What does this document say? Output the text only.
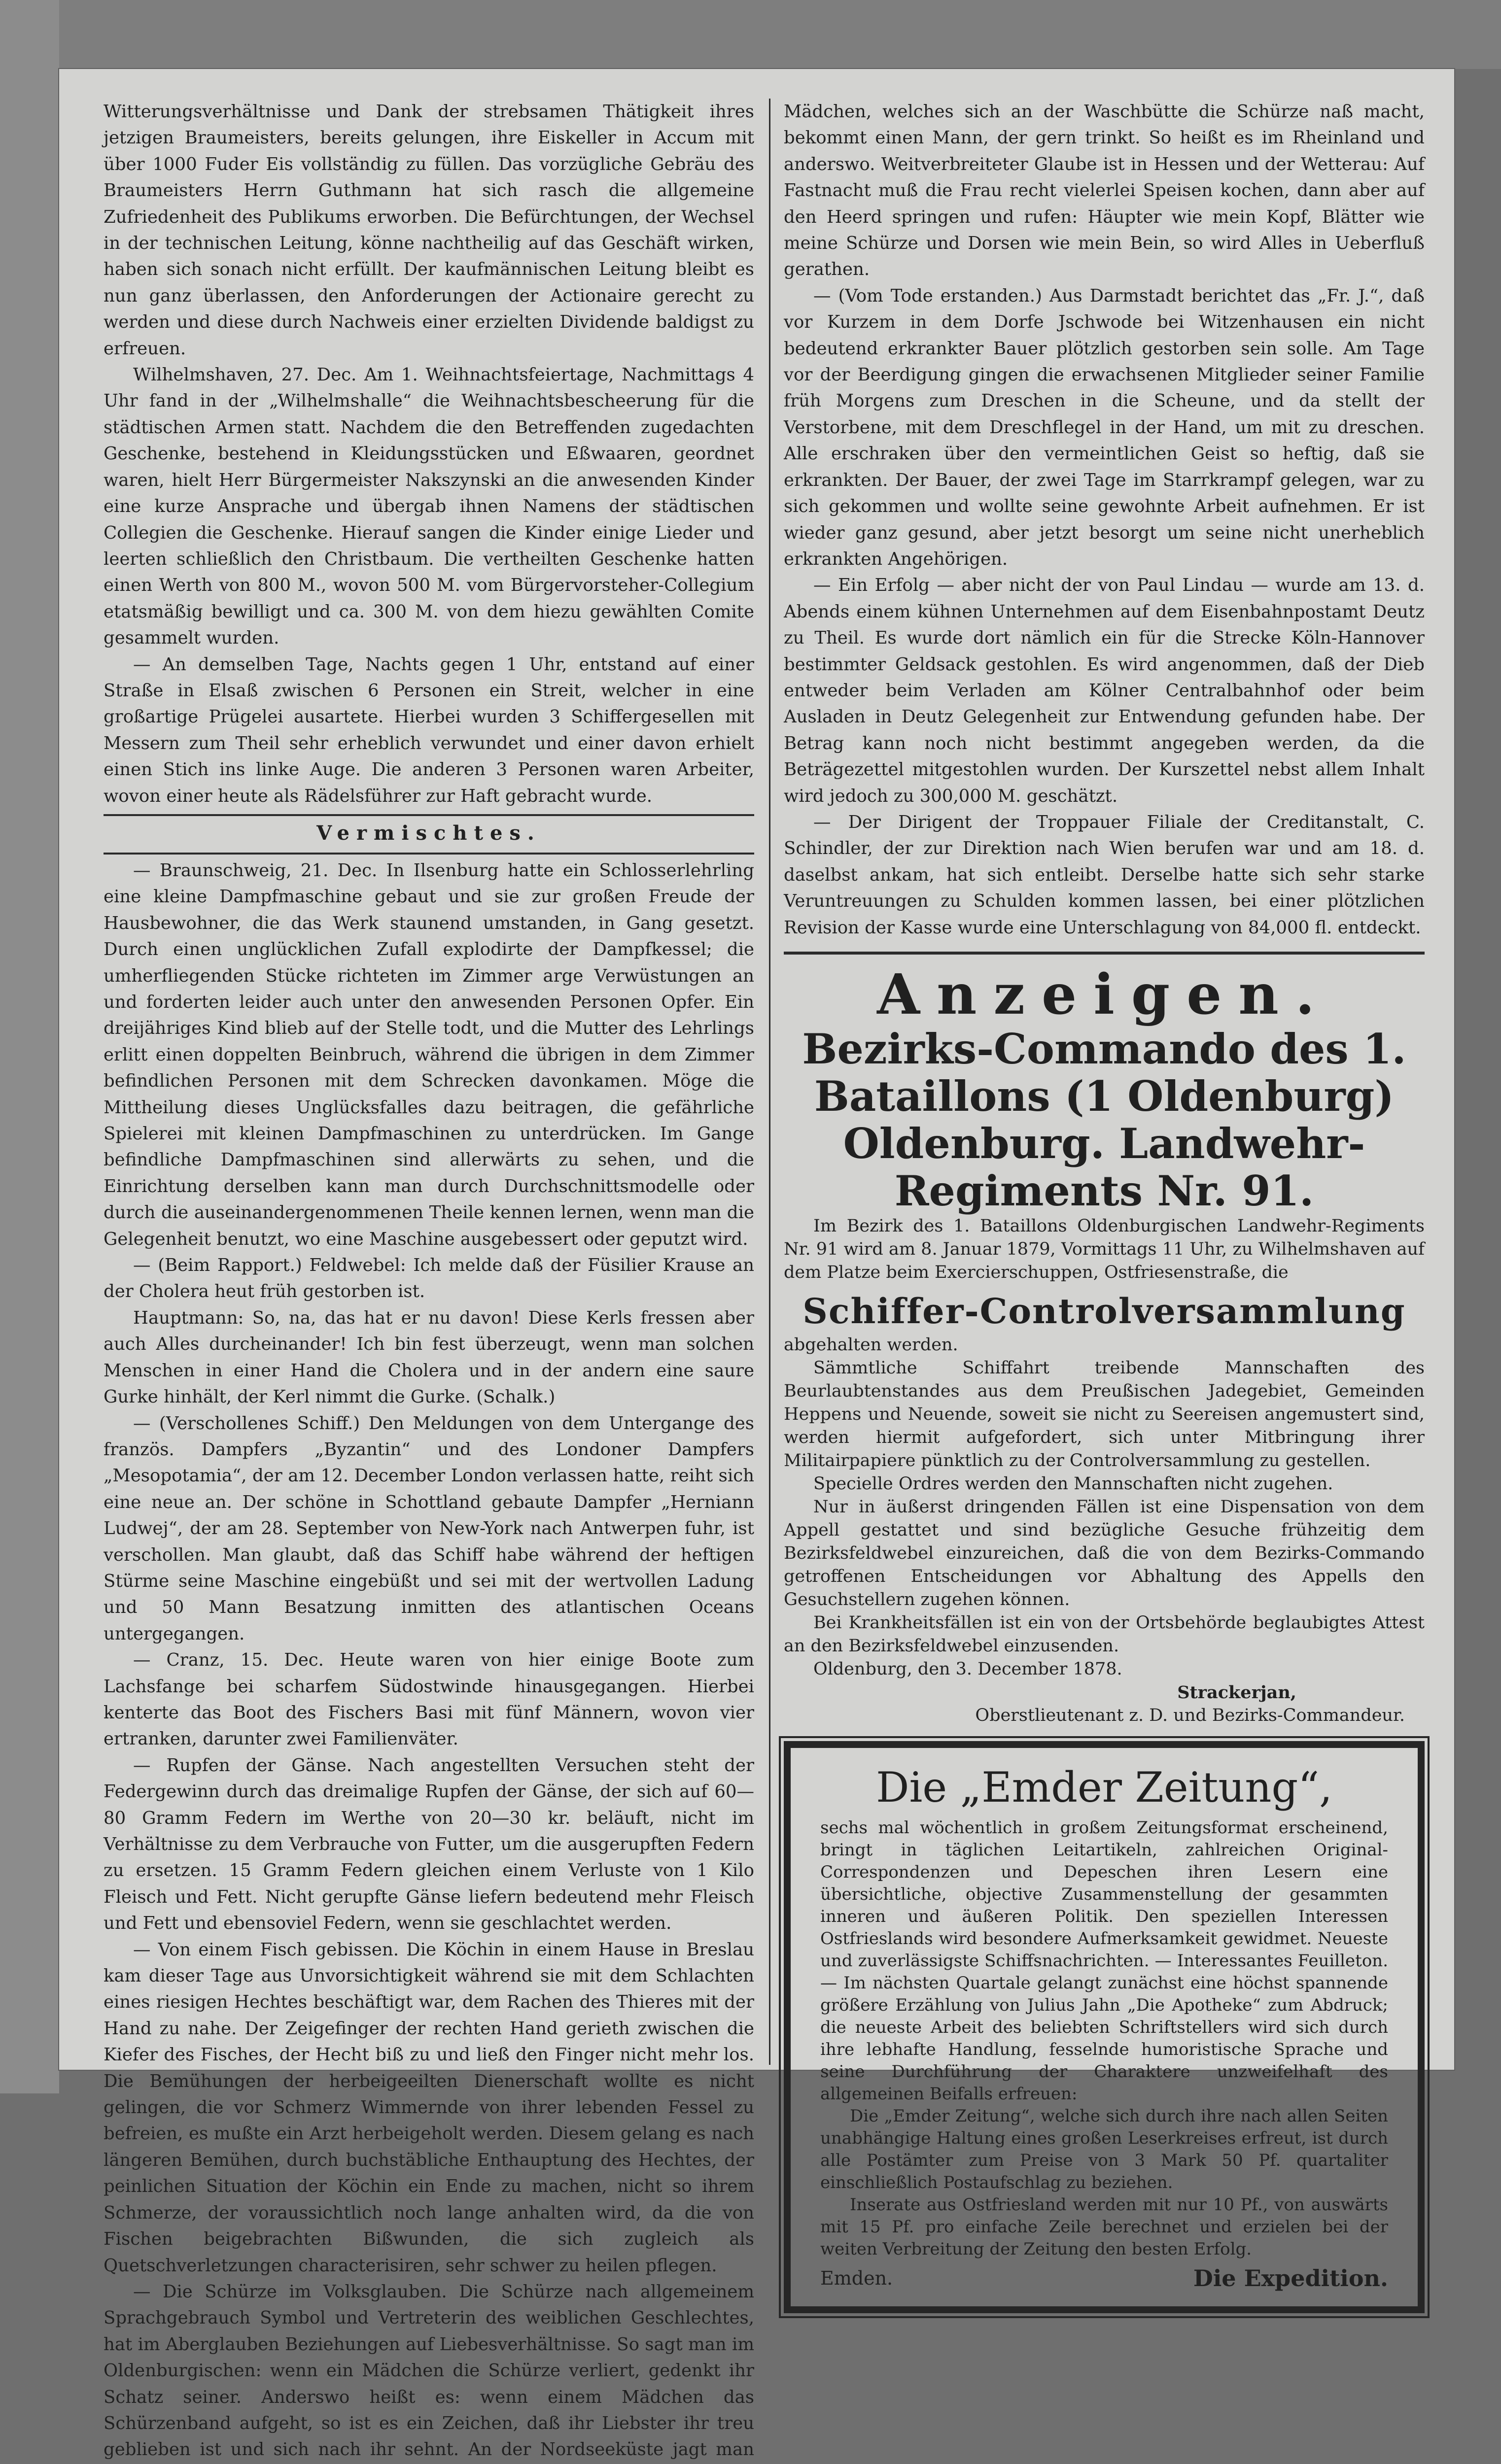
Witterungsverhältnisse und Dank der strebsamen Thätigkeit ihres jetzigen Braumeisters, bereits gelungen, ihre Eiskeller in Accum mit über 1000 Fuder Eis vollständig zu füllen. Das vorzügliche Gebräu des Braumeisters Herrn Guthmann hat sich rasch die allgemeine Zufriedenheit des Publikums erworben. Die Befürchtungen, der Wechsel in der technischen Leitung, könne nachtheilig auf das Geschäft wirken, haben sich sonach nicht erfüllt. Der kaufmännischen Leitung bleibt es nun ganz überlassen, den Anforderungen der Actionaire gerecht zu werden und diese durch Nachweis einer erzielten Dividende baldigst zu erfreuen.

Wilhelmshaven, 27. Dec. Am 1. Weihnachtsfeiertage, Nachmittags 4 Uhr fand in der „Wilhelmshalle“ die Weihnachtsbescheerung für die städtischen Armen statt. Nachdem die den Betreffenden zugedachten Geschenke, bestehend in Kleidungsstücken und Eßwaaren, geordnet waren, hielt Herr Bürgermeister Nakszynski an die anwesenden Kinder eine kurze Ansprache und übergab ihnen Namens der städtischen Collegien die Geschenke. Hierauf sangen die Kinder einige Lieder und leerten schließlich den Christbaum. Die vertheilten Geschenke hatten einen Werth von 800 M., wovon 500 M. vom Bürgervorsteher-Collegium etatsmäßig bewilligt und ca. 300 M. von dem hiezu gewählten Comite gesammelt wurden.

— An demselben Tage, Nachts gegen 1 Uhr, entstand auf einer Straße in Elsaß zwischen 6 Personen ein Streit, welcher in eine großartige Prügelei ausartete. Hierbei wurden 3 Schiffergesellen mit Messern zum Theil sehr erheblich verwundet und einer davon erhielt einen Stich ins linke Auge. Die anderen 3 Personen waren Arbeiter, wovon einer heute als Rädelsführer zur Haft gebracht wurde.

Vermischtes.

— Braunschweig, 21. Dec. In Ilsenburg hatte ein Schlosserlehrling eine kleine Dampfmaschine gebaut und sie zur großen Freude der Hausbewohner, die das Werk staunend umstanden, in Gang gesetzt. Durch einen unglücklichen Zufall explodirte der Dampfkessel; die umherfliegenden Stücke richteten im Zimmer arge Verwüstungen an und forderten leider auch unter den anwesenden Personen Opfer. Ein dreijähriges Kind blieb auf der Stelle todt, und die Mutter des Lehrlings erlitt einen doppelten Beinbruch, während die übrigen in dem Zimmer befindlichen Personen mit dem Schrecken davonkamen. Möge die Mittheilung dieses Unglücksfalles dazu beitragen, die gefährliche Spielerei mit kleinen Dampfmaschinen zu unterdrücken. Im Gange befindliche Dampfmaschinen sind allerwärts zu sehen, und die Einrichtung derselben kann man durch Durchschnittsmodelle oder durch die auseinandergenommenen Theile kennen lernen, wenn man die Gelegenheit benutzt, wo eine Maschine ausgebessert oder geputzt wird.

— (Beim Rapport.) Feldwebel: Ich melde daß der Füsilier Krause an der Cholera heut früh gestorben ist.

Hauptmann: So, na, das hat er nu davon! Diese Kerls fressen aber auch Alles durcheinander! Ich bin fest überzeugt, wenn man solchen Menschen in einer Hand die Cholera und in der andern eine saure Gurke hinhält, der Kerl nimmt die Gurke. (Schalk.)

— (Verschollenes Schiff.) Den Meldungen von dem Untergange des französ. Dampfers „Byzantin“ und des Londoner Dampfers „Mesopotamia“, der am 12. December London verlassen hatte, reiht sich eine neue an. Der schöne in Schottland gebaute Dampfer „Herniann Ludwej“, der am 28. September von New-York nach Antwerpen fuhr, ist verschollen. Man glaubt, daß das Schiff habe während der heftigen Stürme seine Maschine eingebüßt und sei mit der wertvollen Ladung und 50 Mann Besatzung inmitten des atlantischen Oceans untergegangen.

— Cranz, 15. Dec. Heute waren von hier einige Boote zum Lachsfange bei scharfem Südostwinde hinausgegangen. Hierbei kenterte das Boot des Fischers Basi mit fünf Männern, wovon vier ertranken, darunter zwei Familienväter.

— Rupfen der Gänse. Nach angestellten Versuchen steht der Federgewinn durch das dreimalige Rupfen der Gänse, der sich auf 60—80 Gramm Federn im Werthe von 20—30 kr. beläuft, nicht im Verhältnisse zu dem Verbrauche von Futter, um die ausgerupften Federn zu ersetzen. 15 Gramm Federn gleichen einem Verluste von 1 Kilo Fleisch und Fett. Nicht gerupfte Gänse liefern bedeutend mehr Fleisch und Fett und ebensoviel Federn, wenn sie geschlachtet werden.

— Von einem Fisch gebissen. Die Köchin in einem Hause in Breslau kam dieser Tage aus Unvorsichtigkeit während sie mit dem Schlachten eines riesigen Hechtes beschäftigt war, dem Rachen des Thieres mit der Hand zu nahe. Der Zeigefinger der rechten Hand gerieth zwischen die Kiefer des Fisches, der Hecht biß zu und ließ den Finger nicht mehr los. Die Bemühungen der herbeigeeilten Dienerschaft wollte es nicht gelingen, die vor Schmerz Wimmernde von ihrer lebenden Fessel zu befreien, es mußte ein Arzt herbeigeholt werden. Diesem gelang es nach längeren Bemühen, durch buchstäbliche Enthauptung des Hechtes, der peinlichen Situation der Köchin ein Ende zu machen, nicht so ihrem Schmerze, der voraussichtlich noch lange anhalten wird, da die von Fischen beigebrachten Bißwunden, die sich zugleich als Quetschverletzungen characterisiren, sehr schwer zu heilen pflegen.

— Die Schürze im Volksglauben. Die Schürze nach allgemeinem Sprachgebrauch Symbol und Vertreterin des weiblichen Geschlechtes, hat im Aberglauben Beziehungen auf Liebesverhältnisse. So sagt man im Oldenburgischen: wenn ein Mädchen die Schürze verliert, gedenkt ihr Schatz seiner. Anderswo heißt es: wenn einem Mädchen das Schürzenband aufgeht, so ist es ein Zeichen, daß ihr Liebster ihr treu geblieben ist und sich nach ihr sehnt. An der Nordseeküste jagt man

Mädchen, welches sich an der Waschbütte die Schürze naß macht, bekommt einen Mann, der gern trinkt. So heißt es im Rheinland und anderswo. Weitverbreiteter Glaube ist in Hessen und der Wetterau: Auf Fastnacht muß die Frau recht vielerlei Speisen kochen, dann aber auf den Heerd springen und rufen: Häupter wie mein Kopf, Blätter wie meine Schürze und Dorsen wie mein Bein, so wird Alles in Ueberfluß gerathen.

— (Vom Tode erstanden.) Aus Darmstadt berichtet das „Fr. J.“, daß vor Kurzem in dem Dorfe Jschwode bei Witzenhausen ein nicht bedeutend erkrankter Bauer plötzlich gestorben sein solle. Am Tage vor der Beerdigung gingen die erwachsenen Mitglieder seiner Familie früh Morgens zum Dreschen in die Scheune, und da stellt der Verstorbene, mit dem Dreschflegel in der Hand, um mit zu dreschen. Alle erschraken über den vermeintlichen Geist so heftig, daß sie erkrankten. Der Bauer, der zwei Tage im Starrkrampf gelegen, war zu sich gekommen und wollte seine gewohnte Arbeit aufnehmen. Er ist wieder ganz gesund, aber jetzt besorgt um seine nicht unerheblich erkrankten Angehörigen.

— Ein Erfolg — aber nicht der von Paul Lindau — wurde am 13. d. Abends einem kühnen Unternehmen auf dem Eisenbahnpostamt Deutz zu Theil. Es wurde dort nämlich ein für die Strecke Köln-Hannover bestimmter Geldsack gestohlen. Es wird angenommen, daß der Dieb entweder beim Verladen am Kölner Centralbahnhof oder beim Ausladen in Deutz Gelegenheit zur Entwendung gefunden habe. Der Betrag kann noch nicht bestimmt angegeben werden, da die Beträgezettel mitgestohlen wurden. Der Kurszettel nebst allem Inhalt wird jedoch zu 300,000 M. geschätzt.

— Der Dirigent der Troppauer Filiale der Creditanstalt, C. Schindler, der zur Direktion nach Wien berufen war und am 18. d. daselbst ankam, hat sich entleibt. Derselbe hatte sich sehr starke Veruntreuungen zu Schulden kommen lassen, bei einer plötzlichen Revision der Kasse wurde eine Unterschlagung von 84,000 fl. entdeckt.

Anzeigen.
Bezirks-Commando des 1. Bataillons (1 Oldenburg) Oldenburg. Landwehr-Regiments Nr. 91.

Im Bezirk des 1. Bataillons Oldenburgischen Landwehr-Regiments Nr. 91 wird am 8. Januar 1879, Vormittags 11 Uhr, zu Wilhelmshaven auf dem Platze beim Exercierschuppen, Ostfriesenstraße, die

Schiffer-Controlversammlung

abgehalten werden.

Sämmtliche Schiffahrt treibende Mannschaften des Beurlaubtenstandes aus dem Preußischen Jadegebiet, Gemeinden Heppens und Neuende, soweit sie nicht zu Seereisen angemustert sind, werden hiermit aufgefordert, sich unter Mitbringung ihrer Militairpapiere pünktlich zu der Controlversammlung zu gestellen.

Specielle Ordres werden den Mannschaften nicht zugehen.

Nur in äußerst dringenden Fällen ist eine Dispensation von dem Appell gestattet und sind bezügliche Gesuche frühzeitig dem Bezirksfeldwebel einzureichen, daß die von dem Bezirks-Commando getroffenen Entscheidungen vor Abhaltung des Appells den Gesuchstellern zugehen können.

Bei Krankheitsfällen ist ein von der Ortsbehörde beglaubigtes Attest an den Bezirksfeldwebel einzusenden.

Oldenburg, den 3. December 1878.

Strackerjan,
Oberstlieutenant z. D. und Bezirks-Commandeur.
Die „Emder Zeitung“,

sechs mal wöchentlich in großem Zeitungsformat erscheinend, bringt in täglichen Leitartikeln, zahlreichen Original-Correspondenzen und Depeschen ihren Lesern eine übersichtliche, objective Zusammenstellung der gesammten inneren und äußeren Politik. Den speziellen Interessen Ostfrieslands wird besondere Aufmerksamkeit gewidmet. Neueste und zuverlässigste Schiffsnachrichten. — Interessantes Feuilleton. — Im nächsten Quartale gelangt zunächst eine höchst spannende größere Erzählung von Julius Jahn „Die Apotheke“ zum Abdruck; die neueste Arbeit des beliebten Schriftstellers wird sich durch ihre lebhafte Handlung, fesselnde humoristische Sprache und seine Durchführung der Charaktere unzweifelhaft des allgemeinen Beifalls erfreuen:

Die „Emder Zeitung“, welche sich durch ihre nach allen Seiten unabhängige Haltung eines großen Leserkreises erfreut, ist durch alle Postämter zum Preise von 3 Mark 50 Pf. quartaliter einschließlich Postaufschlag zu beziehen.

Inserate aus Ostfriesland werden mit nur 10 Pf., von auswärts mit 15 Pf. pro einfache Zeile berechnet und erzielen bei der weiten Verbreitung der Zeitung den besten Erfolg.

Emden.	Die Expedition.
